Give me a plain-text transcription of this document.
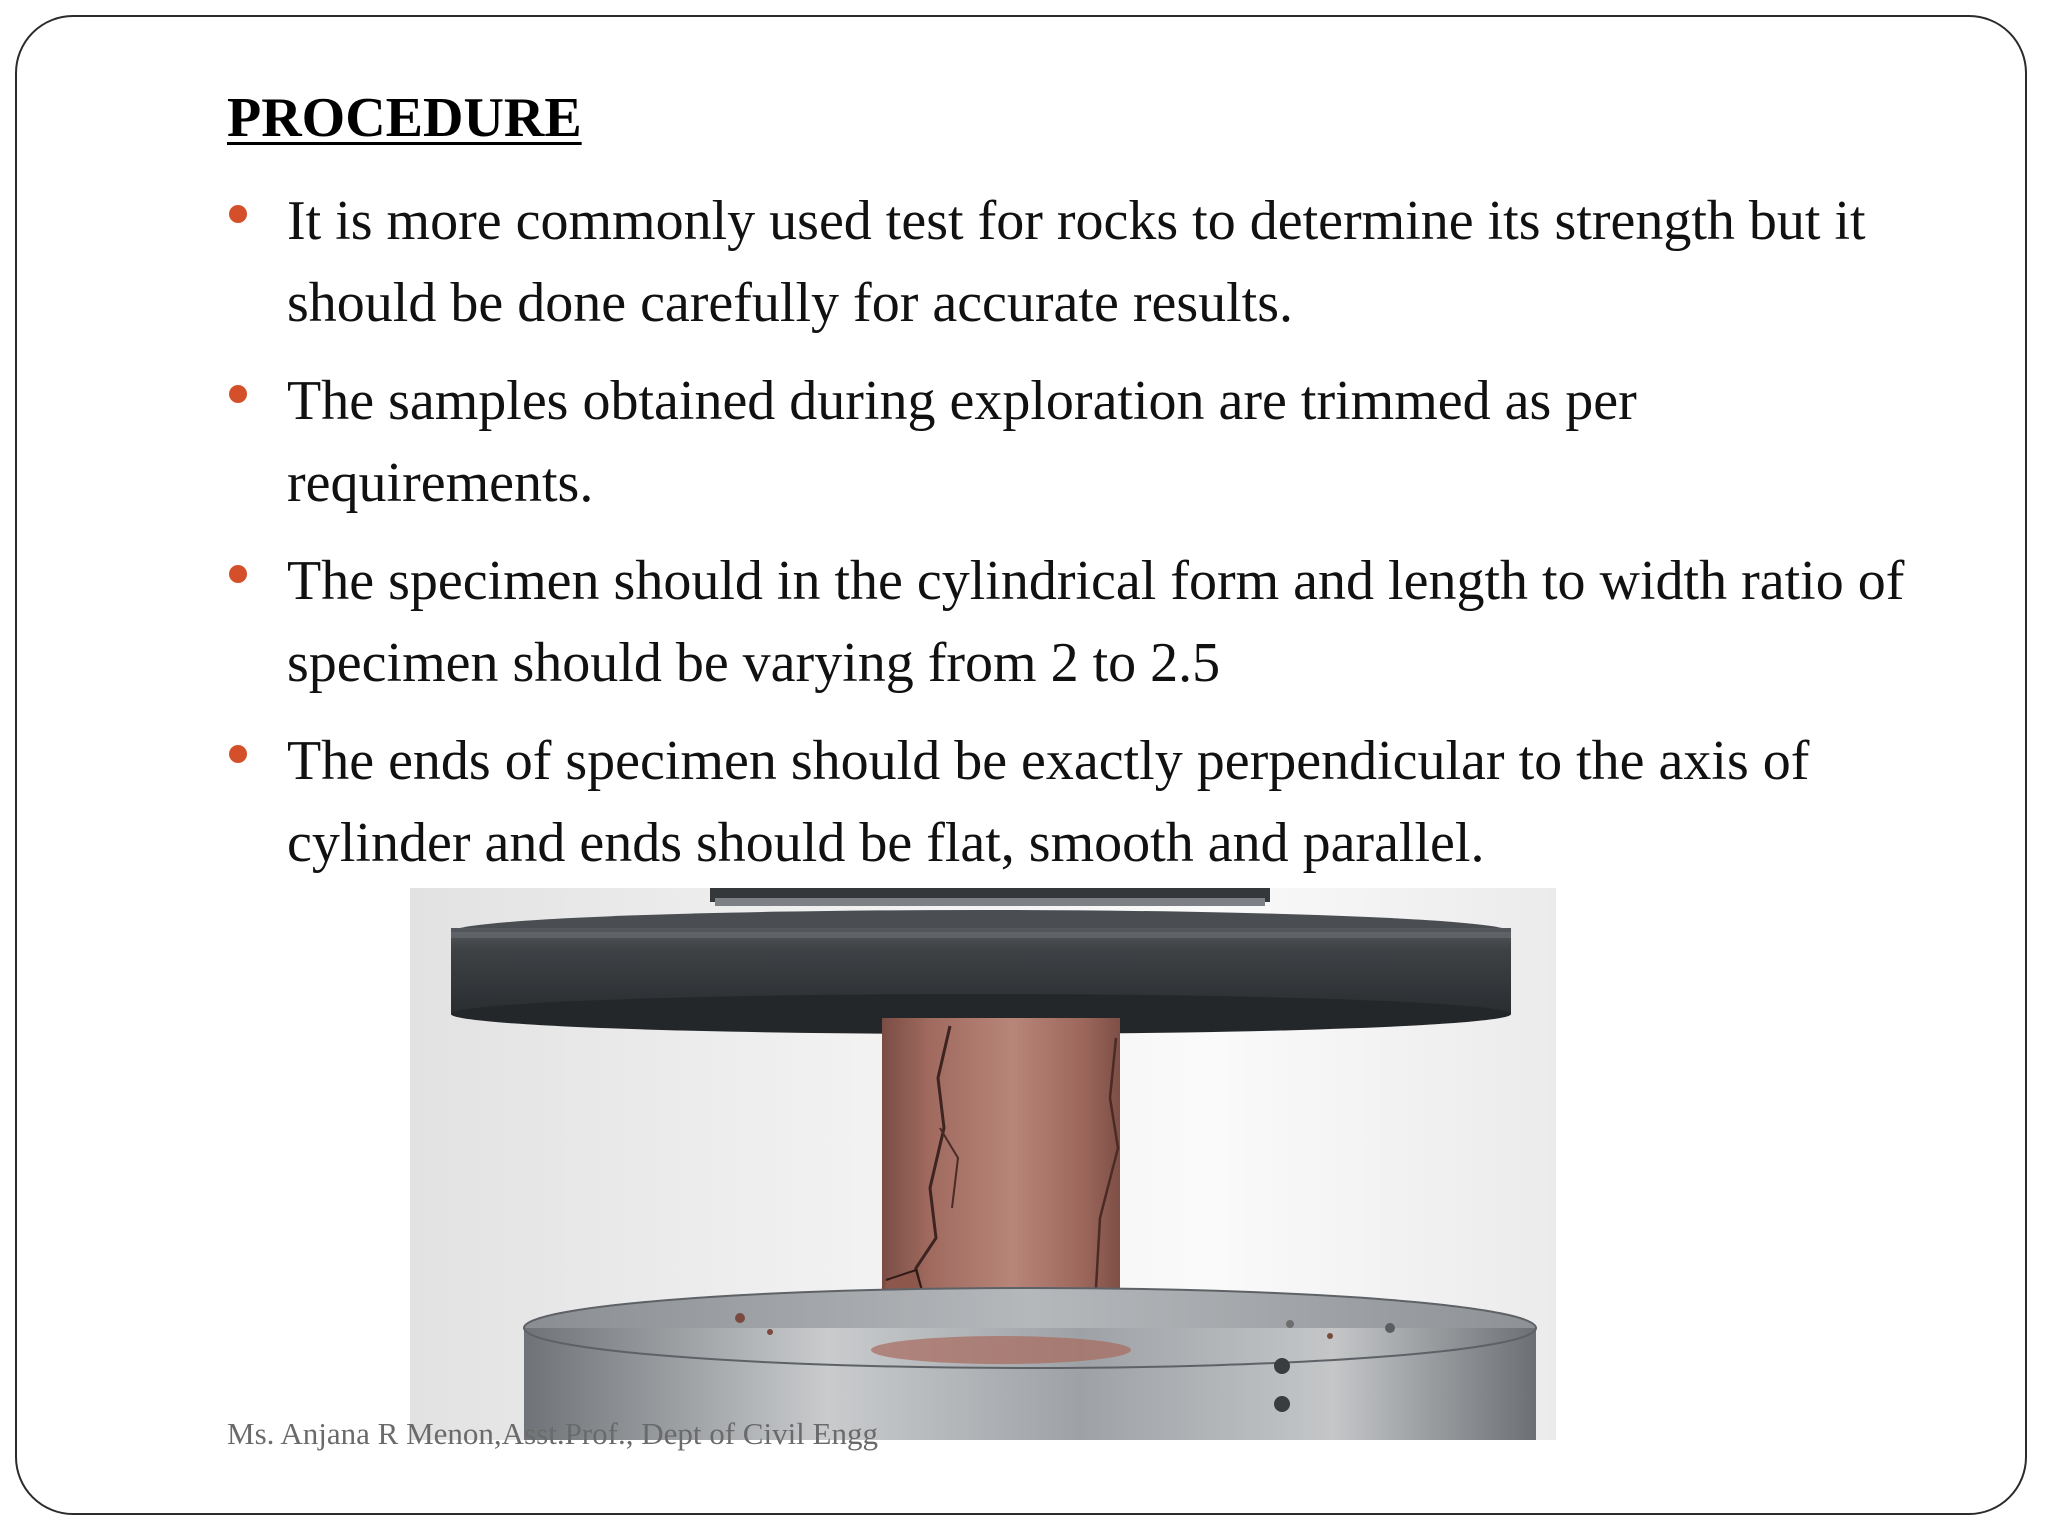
PROCEDURE
It is more commonly used test for rocks to determine its strength but it should be done carefully for accurate results.
The samples obtained during exploration are trimmed as per requirements.
The specimen should in the cylindrical form and length to width ratio of specimen should be varying from 2 to 2.5
The ends of specimen should be exactly perpendicular to the axis of cylinder and ends should be flat, smooth and parallel.
Ms. Anjana R Menon,Asst.Prof., Dept of Civil Engg
